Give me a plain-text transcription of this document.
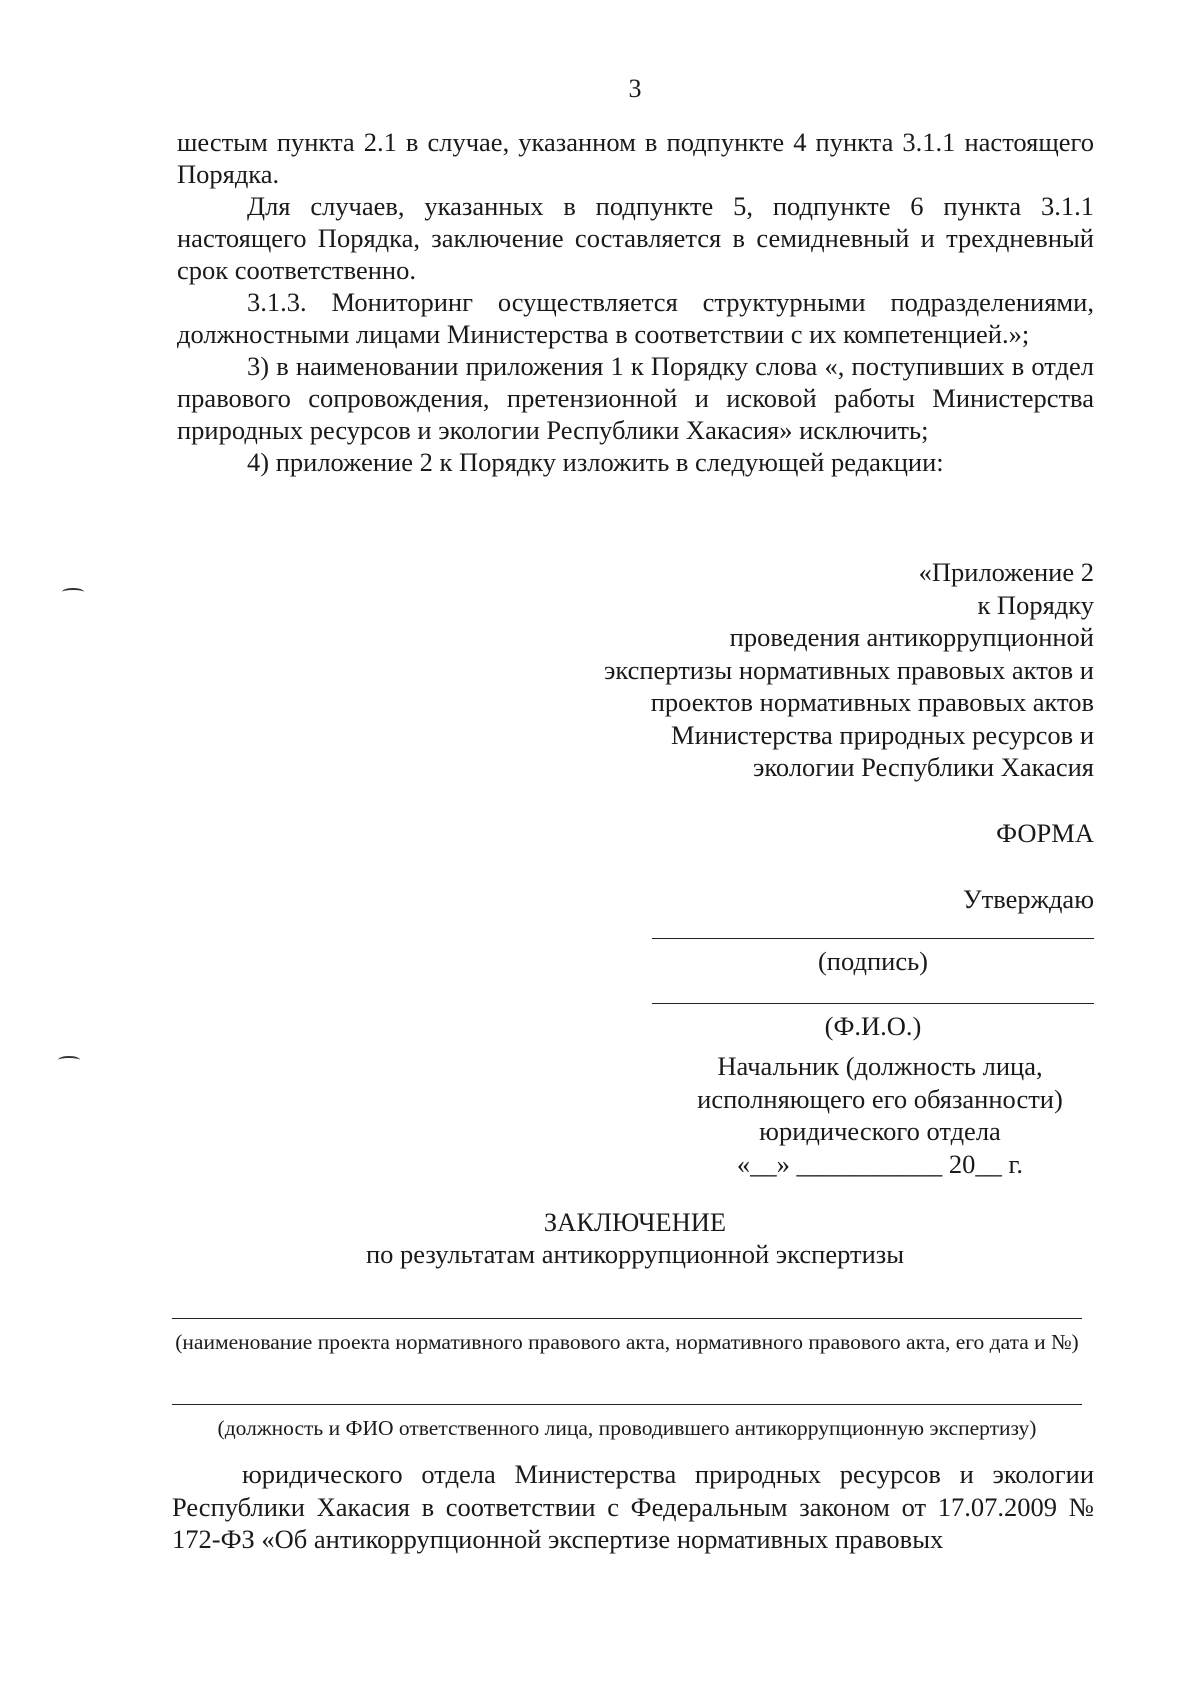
3

шестым пункта 2.1 в случае, указанном в подпункте 4 пункта 3.1.1 настоящего Порядка.

Для случаев, указанных в подпункте 5, подпункте 6 пункта 3.1.1 настоящего Порядка, заключение составляется в семидневный и трехдневный срок соответственно.

3.1.3. Мониторинг осуществляется структурными подразделениями, должностными лицами Министерства в соответствии с их компетенцией.»;

3) в наименовании приложения 1 к Порядку слова «, поступивших в отдел правового сопровождения, претензионной и исковой работы Министерства природных ресурсов и экологии Республики Хакасия» исключить;

4) приложение 2 к Порядку изложить в следующей редакции:

«Приложение 2
к Порядку
проведения антикоррупционной
экспертизы нормативных правовых актов и
проектов нормативных правовых актов
Министерства природных ресурсов и
экологии Республики Хакасия
ФОРМА
Утверждаю
(подпись)
(Ф.И.О.)
Начальник (должность лица,
исполняющего его обязанности)
юридического отдела
«__» ___________ 20__ г.
ЗАКЛЮЧЕНИЕ
по результатам антикоррупционной экспертизы
(наименование проекта нормативного правового акта, нормативного правового акта, его дата и №)
(должность и ФИО ответственного лица, проводившего антикоррупционную экспертизу)
юридического отдела Министерства природных ресурсов и экологии Республики Хакасия в соответствии с Федеральным законом от 17.07.2009 № 172-ФЗ «Об антикоррупционной экспертизе нормативных правовых
